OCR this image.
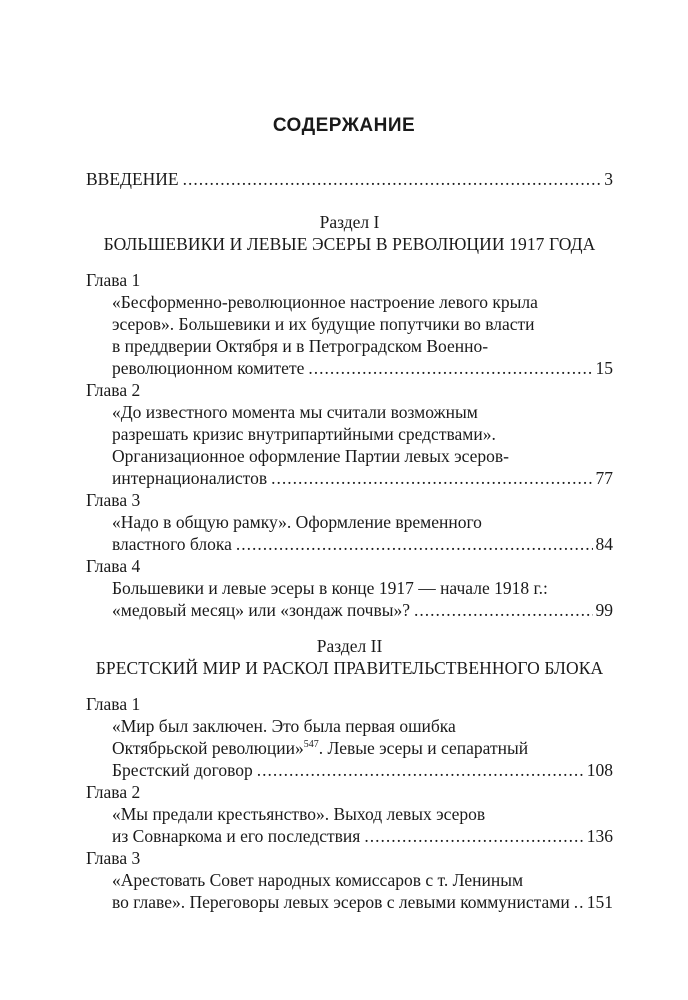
СОДЕРЖАНИЕ
ВВЕДЕНИЕ .....	3
Раздел I
БОЛЬШЕВИКИ И ЛЕВЫЕ ЭСЕРЫ В РЕВОЛЮЦИИ 1917 ГОДА
Глава 1
«Бесформенно-революционное настроение левого крыла
эсеров». Большевики и их будущие попутчики во власти
в преддверии Октября и в Петроградском Военно-
революционном комитете .....	15
Глава 2
«До известного момента мы считали возможным
разрешать кризис внутрипартийными средствами».
Организационное оформление Партии левых эсеров-
интернационалистов .....	77
Глава 3
«Надо в общую рамку». Оформление временного
властного блока .....	84
Глава 4
Большевики и левые эсеры в конце 1917 — начале 1918 г.:
«медовый месяц» или «зондаж почвы»? .....	99
Раздел II
БРЕСТСКИЙ МИР И РАСКОЛ ПРАВИТЕЛЬСТВЕННОГО БЛОКА
Глава 1
«Мир был заключен. Это была первая ошибка
Октябрьской революции»$^{547}$. Левые эсеры и сепаратный
Брестский договор .....	108
Глава 2
«Мы предали крестьянство». Выход левых эсеров
из Совнаркома и его последствия .....	136
Глава 3
«Арестовать Совет народных комиссаров с т. Лениным
во главе». Переговоры левых эсеров с левыми коммунистами ..... 151
